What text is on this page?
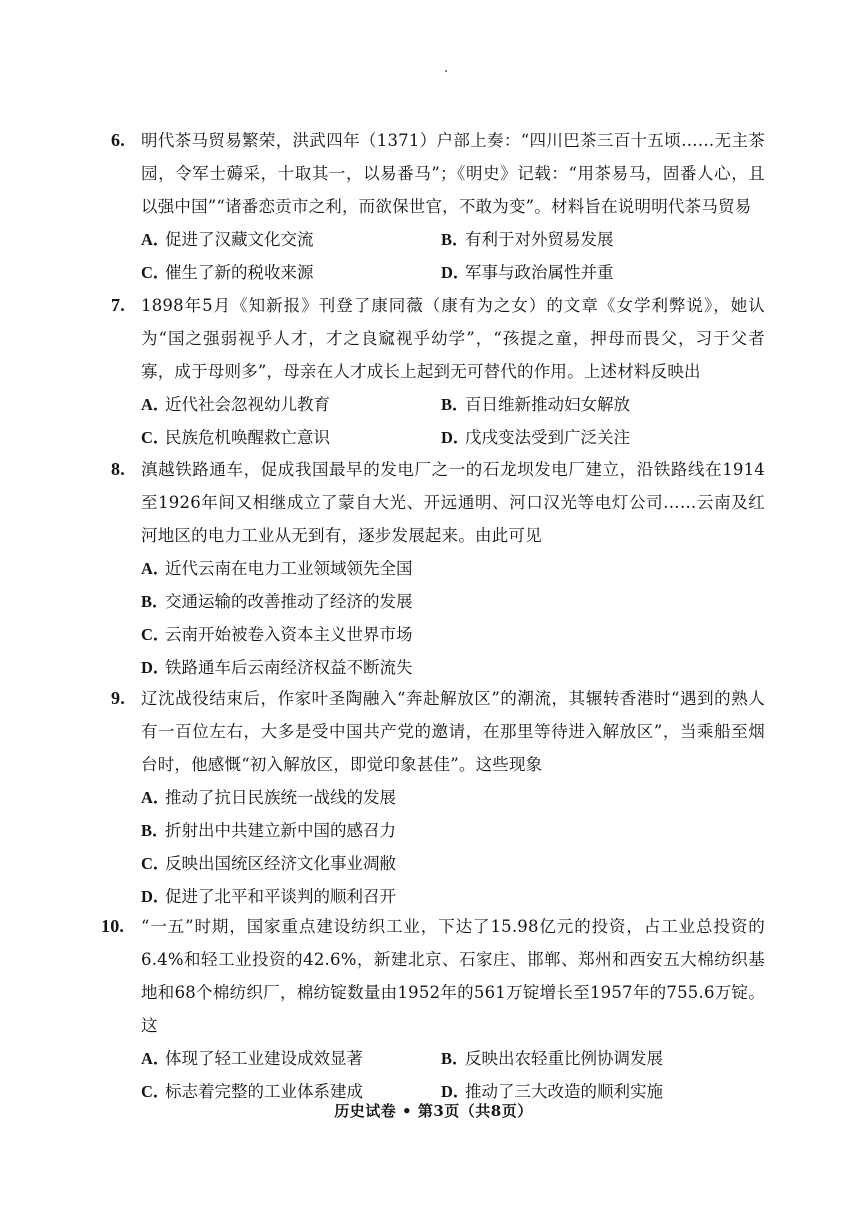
6. 明代茶马贸易繁荣，洪武四年（1371）户部上奏：“四川巴茶三百十五顷……无主茶园，令军士薅采，十取其一，以易番马”；《明史》记载：“用茶易马，固番人心，且以强中国”“诸番恋贡市之利，而欲保世官，不敢为变”。材料旨在说明明代茶马贸易
A．
促进了汉藏文化交流	B．
有利于对外贸易发展
C．
催生了新的税收来源	D．
军事与政治属性并重
7. 1898年5月《知新报》刊登了康同薇（康有为之女）的文章《女学利弊说》，她认为“国之强弱视乎人才，才之良窳视乎幼学”，“孩提之童，押母而畏父，习于父者寡，成于母则多”，母亲在人才成长上起到无可替代的作用。上述材料反映出
A．
近代社会忽视幼儿教育	B．
百日维新推动妇女解放
C．
民族危机唤醒救亡意识	D．
戊戌变法受到广泛关注
8. 滇越铁路通车，促成我国最早的发电厂之一的石龙坝发电厂建立，沿铁路线在1914至1926年间又相继成立了蒙自大光、开远通明、河口汉光等电灯公司……云南及红河地区的电力工业从无到有，逐步发展起来。由此可见
A．
近代云南在电力工业领域领先全国
B．
交通运输的改善推动了经济的发展
C．
云南开始被卷入资本主义世界市场
D．
铁路通车后云南经济权益不断流失
9. 辽沈战役结束后，作家叶圣陶融入“奔赴解放区”的潮流，其辗转香港时“遇到的熟人有一百位左右，大多是受中国共产党的邀请，在那里等待进入解放区”，当乘船至烟台时，他感慨“初入解放区，即觉印象甚佳”。这些现象
A．
推动了抗日民族统一战线的发展
B．
折射出中共建立新中国的感召力
C．
反映出国统区经济文化事业凋敝
D．
促进了北平和平谈判的顺利召开
10. “一五”时期，国家重点建设纺织工业，下达了15.98亿元的投资，占工业总投资的6.4%和轻工业投资的42.6%，新建北京、石家庄、邯郸、郑州和西安五大棉纺织基地和68个棉纺织厂，棉纺锭数量由1952年的561万锭增长至1957年的755.6万锭。这
A．
体现了轻工业建设成效显著	B．
反映出农轻重比例协调发展
C．
标志着完整的工业体系建成	D．
推动了三大改造的顺利实施
历史试卷 • 第3页（共8页）
